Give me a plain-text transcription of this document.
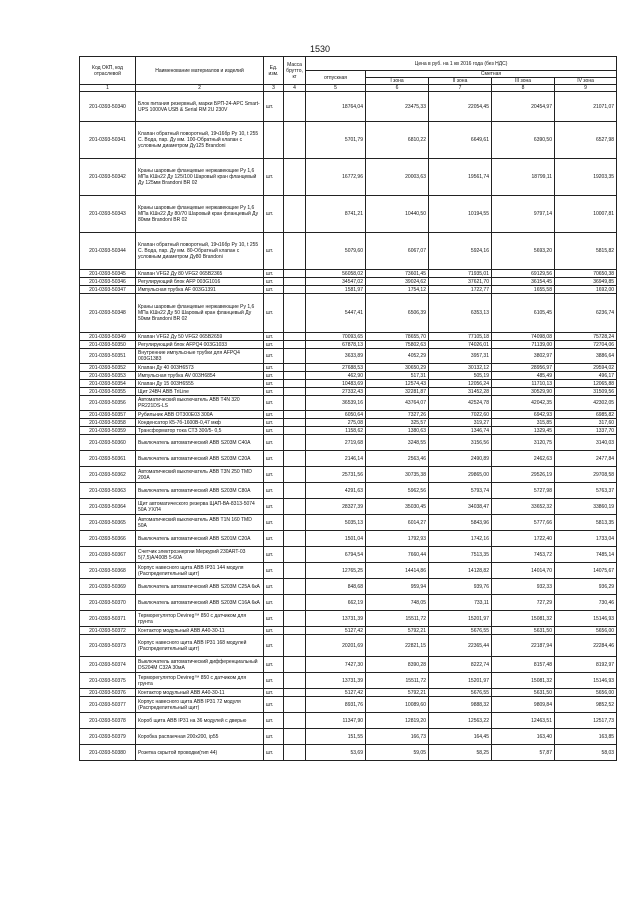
1530
Код ОКП, код отраслевой	Наименование материалов и изделий	Ед. изм.	Масса брутто, кг	Цена в руб. на 1 кв 2016 года (без НДС)				
				отпускная	Сметная			
					I зона	II зона	III зона	IV зона
1	2	3	4	5	6	7	8	9
201-0393-50340	Блок питания резервный, марки БРП-24-APC Smart-UPS 1000VA USB & Serial RM 2U 230V	шт.		18764,04	23475,33	22054,45	20454,97	21071,07
201-0393-50341	Клапан обратный поворотный, 19ч16бр Ру 10, t 255 С. Вода, пар. Ду мм. 100-Обратный клапан с условным диаметром Ду125 Brandoni			5701,79	6810,22	6649,61	6390,50	6527,98
201-0393-50342	Краны шаровые фланцевые нержавеющие Ру 1,6 МПа КШн22 Ду 125/100 Шаровый кран фланцевый Ду 125мм Brandoni BR 02	шт.		16772,96	20003,63	19561,74	18799,11	19203,35
201-0393-50343	Краны шаровые фланцевые нержавеющие Ру 1,6 МПа КШн22 Ду 80/70 Шаровый кран фланцевый Ду 80мм Brandoni BR 02	шт.		8741,21	10440,50	10194,55	9797,14	10007,81
201-0393-50344	Клапан обратный поворотный, 19ч16бр Ру 10, t 255 С. Вода, пар. Ду мм. 80-Обратный клапан с условным диаметром Ду80 Brandoni	шт.		5079,60	6067,07	5924,16	5693,20	5815,82
201-0393-50345	Клапан VFG2 Ду 80 VFG2 065B2365	шт.		56058,02	73601,45	71935,01	69129,56	70650,38
201-0393-50346	Регулирующий блок AFP 003G1016	шт.		34547,02	39024,62	37621,70	36154,45	36949,85
201-0393-50347	Импульсная трубка AF 003G1391	шт.		1581,97	1754,12	1722,77	1655,58	1692,00
201-0393-50348	Краны шаровые фланцевые нержавеющие Ру 1,6 МПа КШн22 Ду 50 Шаровый кран фланцевый Ду 50мм Brandoni BR 02	шт.		5447,41	6506,39	6353,13	6105,45	6236,74
201-0393-50349	Клапан VFG2 Ду 50 VFG2 065B2659	шт.		70093,65	78655,70	77105,18	74098,08	75728,24
201-0393-50350	Регулирующий блок AFPQ4 003G1033	шт.		67878,13	75802,63	74026,01	71139,00	72704,06
201-0393-50351	Внутренние импульсные трубки для AFPQ4 003G1383	шт.		3633,89	4052,29	3957,31	3802,97	3886,64
201-0393-50352	Клапан Ду 40 003H6573	шт.		27688,53	30650,29	30132,12	28956,97	29594,02
201-0393-50353	Импульсная трубка AV 003H6854	шт.		462,90	517,31	505,19	485,49	496,17
201-0393-50354	Клапан Ду 15 003H6555	шт.		10483,69	12574,43	12056,24	11710,13	12065,88
201-0393-50355	Щит 24ВЧ ABB TriLine	шт.		27332,43	32281,87	31452,28	30529,90	31509,56
201-0393-50356	Автоматический выключатель ABB T4N 320 PR221DS-LS	шт.		36539,16	43764,07	42524,78	42042,35	42302,05
201-0393-50357	Рубильник ABB OT300E03 300А	шт.		6050,64	7327,26	7022,60	6942,93	6985,82
201-0393-50358	Конденсатор К5-7б-1600В-0,47 мкф	шт.		275,08	325,57	319,27	315,85	317,60
201-0393-50359	Трансформатор тока СТЗ 300/5- 0,5	шт.		1158,62	1380,63	1346,74	1329,45	1337,70
201-0393-50360	Выключатель автоматический ABB S203M C40A	шт.		2719,68	3248,55	3156,56	3120,75	3140,03
201-0393-50361	Выключатель автоматический ABB S203M C20A	шт.		2146,14	2563,46	2490,89	2462,63	2477,84
201-0393-50362	Автоматический выключатель ABB T3N 250 TMD 200A	шт.		25731,56	30735,38	29865,00	29526,19	29708,58
201-0393-50363	Выключатель автоматический ABB S203M C80A	шт.		4291,63	5962,56	5793,74	5727,98	5763,37
201-0393-50364	Щит автоматического резерва ЩАП-ВА-8313-5074 50А УХЛ4	шт.		28327,39	35030,45	34038,47	33652,32	33860,19
201-0393-50365	Автоматический выключатель ABB T1N 160 TMD 50A	шт.		5035,13	6014,27	5843,96	5777,66	5813,35
201-0393-50366	Выключатель автоматический ABB S201M C20A	шт.		1501,04	1792,93	1742,16	1722,40	1733,04
201-0393-50367	Счетчик электроэнергии Меркурий 230ART-03 5(7,5)A/400В 5-60A	шт.		6794,54	7660,44	7513,35	7453,72	7485,14
201-0393-50368	Корпус навесного щита ABB IP31 144 модуля (Распределительный щит)	шт.		12765,25	14414,86	14128,82	14014,70	14075,67
201-0393-50369	Выключатель автоматический ABB S203M C25A 6кА	шт.		848,68	959,94	939,76	932,33	936,29
201-0393-50370	Выключатель автоматический ABB S203M C16A 6кА	шт.		662,19	748,05	733,11	727,29	730,46
201-0393-50371	Терморегулятор Devireg™ 850 с датчиком для грунта	шт.		13731,39	15511,72	15201,97	15081,32	15146,93
201-0393-50372	Контактор модульный ABB A40-30-11	шт.		5127,42	5792,21	5676,55	5631,50	5656,00
201-0393-50373	Корпус навесного щита ABB IP31 168 модулей (Распределительный щит)	шт.		20201,69	22821,15	22365,44	22187,94	22284,46
201-0393-50374	Выключатель автоматический дифференциальный DS204M C32A 30мА	шт.		7427,30	8390,28	8222,74	8157,48	8192,97
201-0393-50375	Терморегулятор Devireg™ 850 с датчиком для грунта	шт.		13731,39	15511,72	15201,97	15081,32	15146,93
201-0393-50376	Контактор модульный ABB A40-30-11	шт.		5127,42	5792,21	5676,55	5631,50	5656,00
201-0393-50377	Корпус навесного щита ABB IP31 72 модуля (Распределительный щит)	шт.		8931,76	10089,60	9888,32	9809,84	9852,52
201-0393-50378	Короб щита ABB IP31 на 36 модулей с дверью	шт.		11347,90	12819,20	12563,22	12463,51	12517,73
201-0393-50379	Коробка распаечная 200х200, ip55	шт.		151,55	166,73	164,45	163,40	163,85
201-0393-50380	Розетка скрытой проводки(тип 44)	шт.		53,69	59,05	58,25	57,87	58,03
